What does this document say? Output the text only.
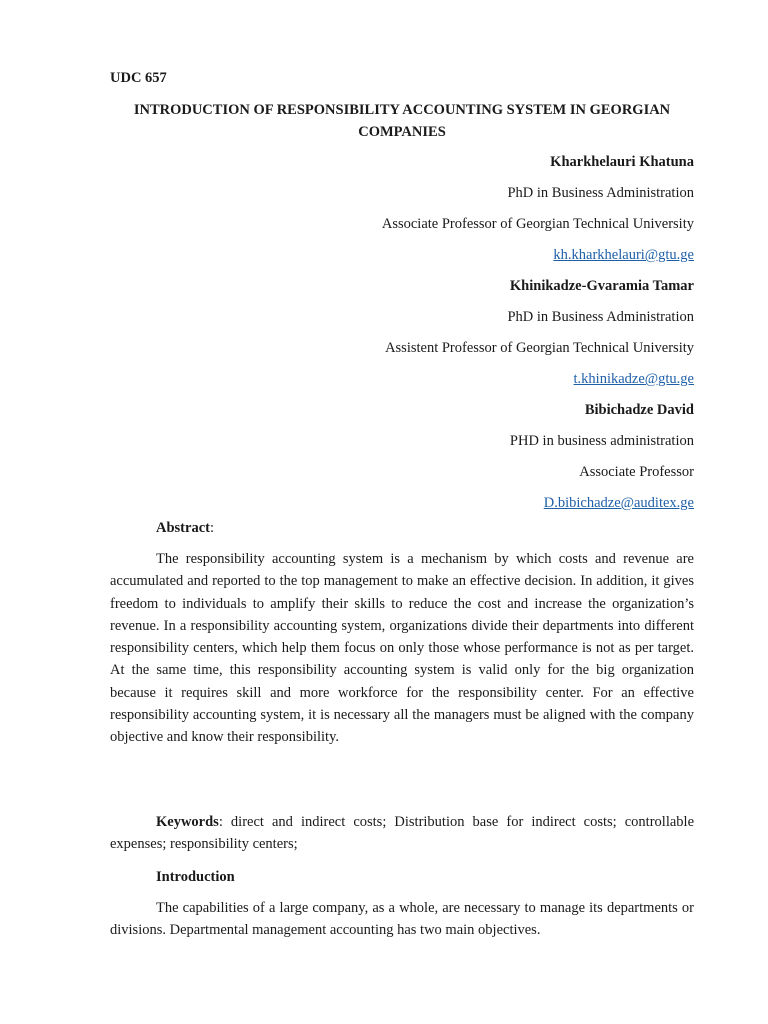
UDC 657
INTRODUCTION OF RESPONSIBILITY ACCOUNTING SYSTEM IN GEORGIAN COMPANIES
Kharkhelauri Khatuna
PhD in Business Administration
Associate Professor of Georgian Technical University
kh.kharkhelauri@gtu.ge
Khinikadze-Gvaramia Tamar
PhD in Business Administration
Assistent Professor of Georgian Technical University
t.khinikadze@gtu.ge
Bibichadze David
PHD in business administration
Associate Professor
D.bibichadze@auditex.ge
Abstract:
The responsibility accounting system is a mechanism by which costs and revenue are accumulated and reported to the top management to make an effective decision. In addition, it gives freedom to individuals to amplify their skills to reduce the cost and increase the organization’s revenue. In a responsibility accounting system, organizations divide their departments into different responsibility centers, which help them focus on only those whose performance is not as per target. At the same time, this responsibility accounting system is valid only for the big organization because it requires skill and more workforce for the responsibility center. For an effective responsibility accounting system, it is necessary all the managers must be aligned with the company objective and know their responsibility.
Keywords: direct and indirect costs; Distribution base for indirect costs; controllable expenses; responsibility centers;
Introduction
The capabilities of a large company, as a whole, are necessary to manage its departments or divisions. Departmental management accounting has two main objectives.
